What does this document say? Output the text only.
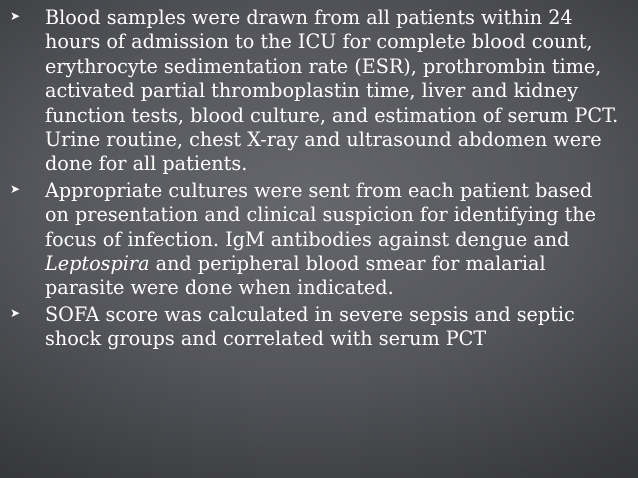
➤ Blood samples were drawn from all patients within 24 hours of admission to the ICU for complete blood count, erythrocyte sedimentation rate (ESR), prothrombin time, activated partial thromboplastin time, liver and kidney function tests, blood culture, and estimation of serum PCT. Urine routine, chest X-ray and ultrasound abdomen were done for all patients.
➤ Appropriate cultures were sent from each patient based on presentation and clinical suspicion for identifying the focus of infection. IgM antibodies against dengue and Leptospira and peripheral blood smear for malarial parasite were done when indicated.
➤ SOFA score was calculated in severe sepsis and septic shock groups and correlated with serum PCT
